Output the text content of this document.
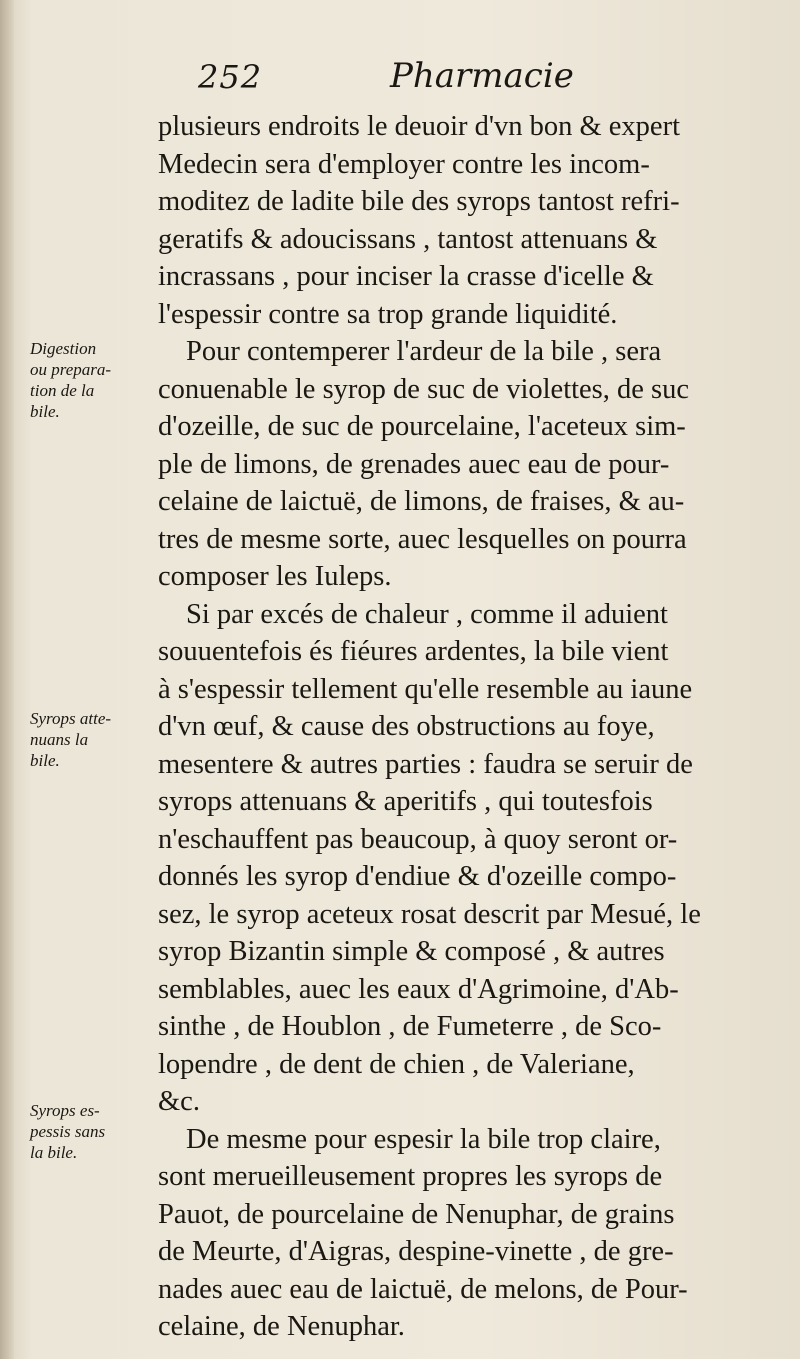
252	Pharmacie
plusieurs endroits le deuoir d'vn bon & expert
Medecin sera d'employer contre les incom-
moditez de ladite bile des syrops tantost refri-
geratifs & adoucissans , tantost attenuans &
incrassans , pour inciser la crasse d'icelle &
l'espessir contre sa trop grande liquidité.
Pour contemperer l'ardeur de la bile , sera
conuenable le syrop de suc de violettes, de suc
d'ozeille, de suc de pourcelaine, l'aceteux sim-
ple de limons, de grenades auec eau de pour-
celaine de laictuë, de limons, de fraises, & au-
tres de mesme sorte, auec lesquelles on pourra
composer les Iuleps.
Si par excés de chaleur , comme il aduient
souuentefois és fiéures ardentes, la bile vient
à s'espessir tellement qu'elle resemble au iaune
d'vn œuf, & cause des obstructions au foye,
mesentere & autres parties : faudra se seruir de
syrops attenuans & aperitifs , qui toutesfois
n'eschauffent pas beaucoup, à quoy seront or-
donnés les syrop d'endiue & d'ozeille compo-
sez, le syrop aceteux rosat descrit par Mesué, le
syrop Bizantin simple & composé , & autres
semblables, auec les eaux d'Agrimoine, d'Ab-
sinthe , de Houblon , de Fumeterre , de Sco-
lopendre , de dent de chien , de Valeriane,
&c.
De mesme pour espesir la bile trop claire,
sont merueilleusement propres les syrops de
Pauot, de pourcelaine de Nenuphar, de grains
de Meurte, d'Aigras, despine-vinette , de gre-
nades auec eau de laictuë, de melons, de Pour-
celaine, de Nenuphar.
Digestion
ou prepara-
tion de la
bile.
Syrops atte-
nuans la
bile.
Syrops es-
pessis sans
la bile.
